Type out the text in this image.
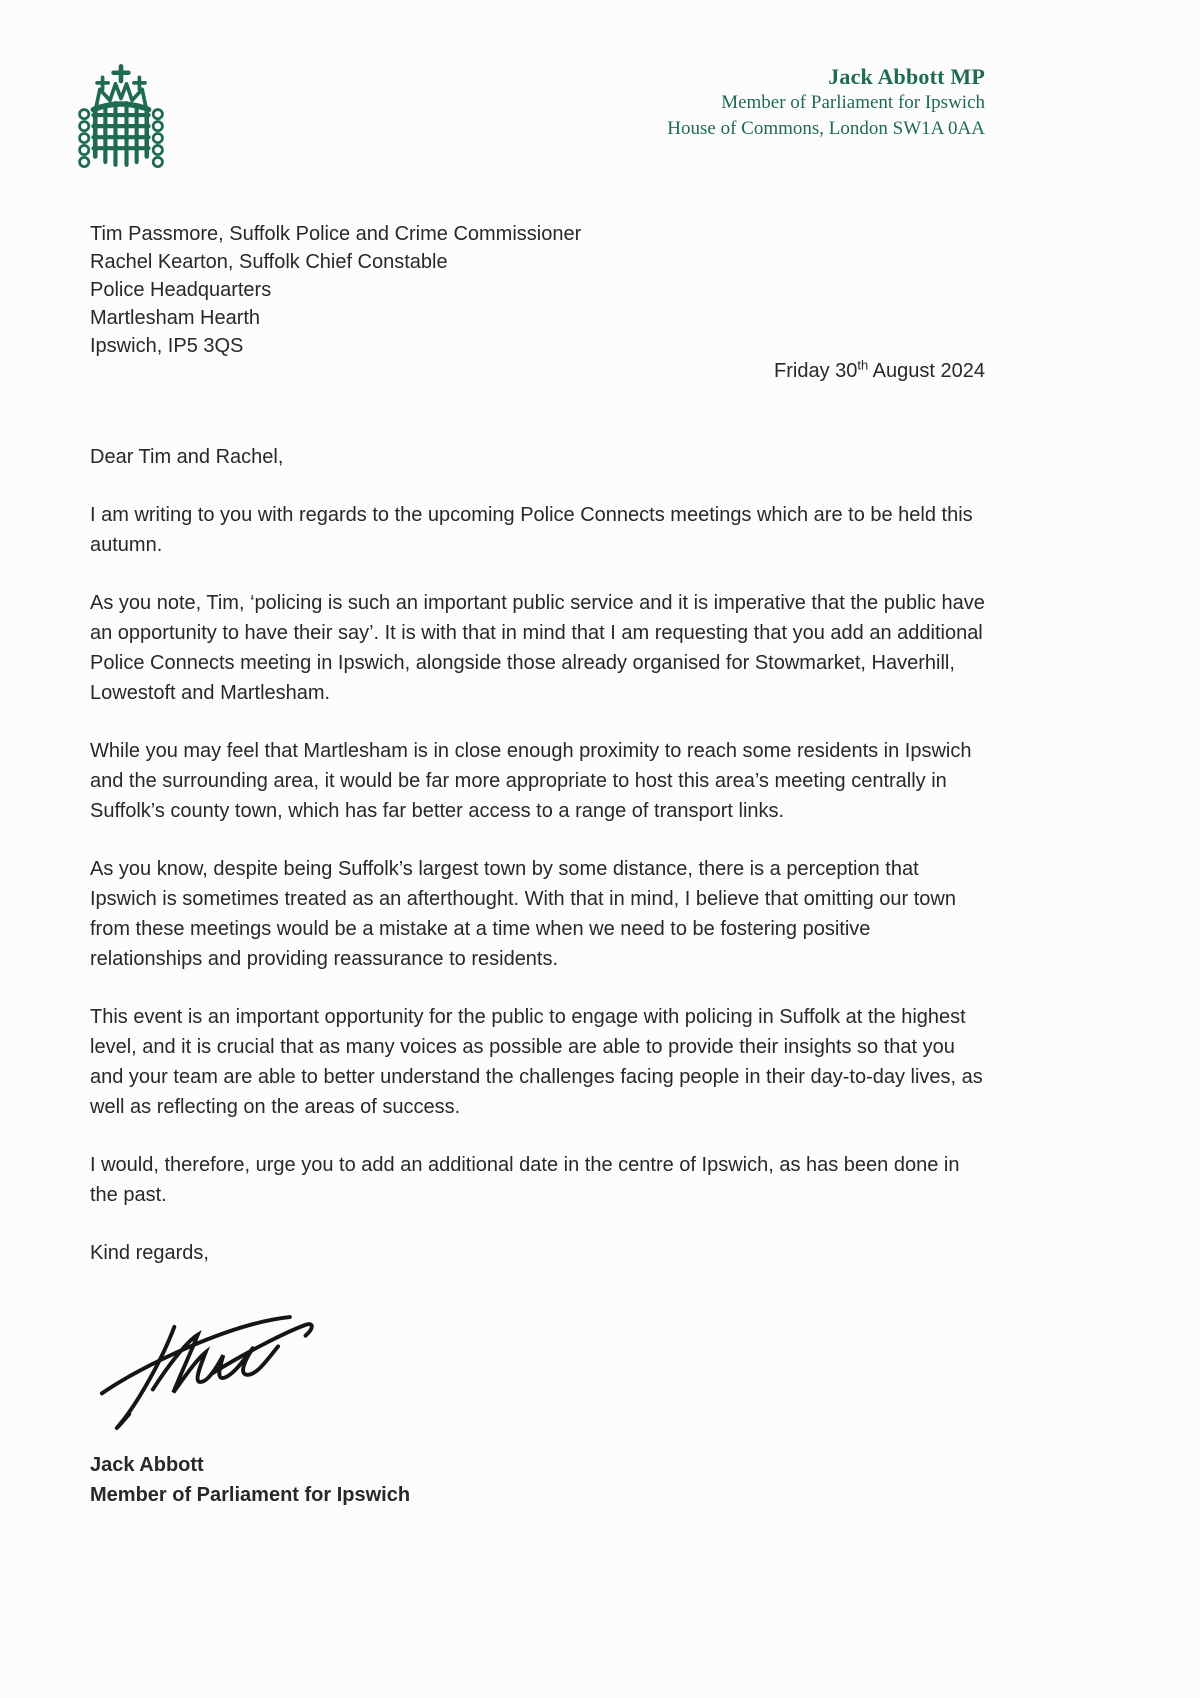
Jack Abbott MP
Member of Parliament for Ipswich
House of Commons, London SW1A 0AA
Tim Passmore, Suffolk Police and Crime Commissioner
Rachel Kearton, Suffolk Chief Constable
Police Headquarters
Martlesham Hearth
Ipswich, IP5 3QS
Friday 30th August 2024

Dear Tim and Rachel,

I am writing to you with regards to the upcoming Police Connects meetings which are to be held this autumn.

As you note, Tim, ‘policing is such an important public service and it is imperative that the public have an opportunity to have their say’. It is with that in mind that I am requesting that you add an additional Police Connects meeting in Ipswich, alongside those already organised for Stowmarket, Haverhill, Lowestoft and Martlesham.

While you may feel that Martlesham is in close enough proximity to reach some residents in Ipswich and the surrounding area, it would be far more appropriate to host this area’s meeting centrally in Suffolk’s county town, which has far better access to a range of transport links.

As you know, despite being Suffolk’s largest town by some distance, there is a perception that Ipswich is sometimes treated as an afterthought. With that in mind, I believe that omitting our town from these meetings would be a mistake at a time when we need to be fostering positive relationships and providing reassurance to residents.

This event is an important opportunity for the public to engage with policing in Suffolk at the highest level, and it is crucial that as many voices as possible are able to provide their insights so that you and your team are able to better understand the challenges facing people in their day-to-day lives, as well as reflecting on the areas of success.

I would, therefore, urge you to add an additional date in the centre of Ipswich, as has been done in the past.

Kind regards,

Jack Abbott
Member of Parliament for Ipswich
